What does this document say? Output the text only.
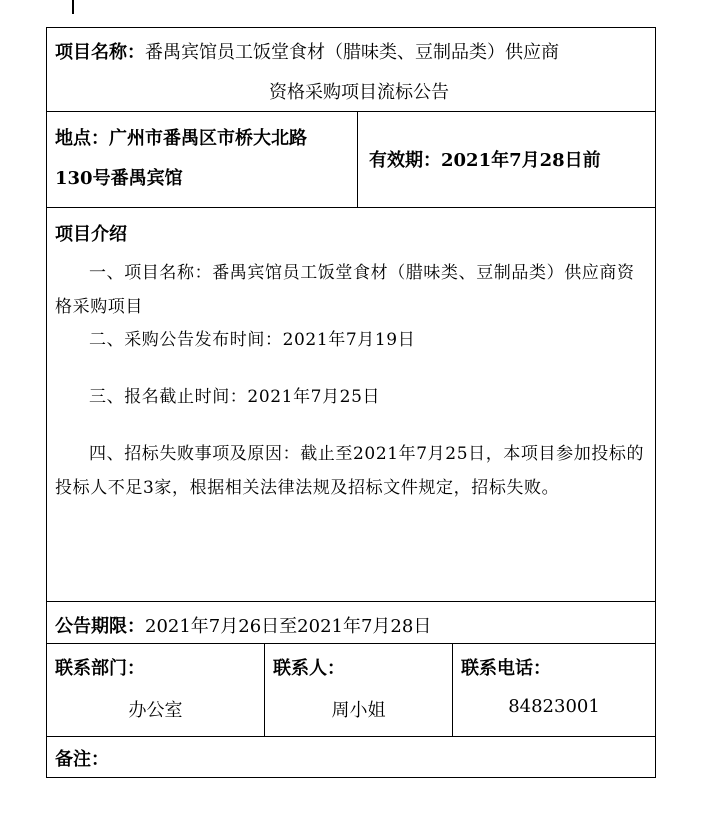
项目名称：番禺宾馆员工饭堂食材（腊味类、豆制品类）供应商
资格采购项目流标公告
地点：广州市番禺区市桥大北路
130号番禺宾馆
有效期：2021年7月28日前
项目介绍
一、项目名称：番禺宾馆员工饭堂食材（腊味类、豆制品类）供应商资格采购项目
二、采购公告发布时间：2021年7月19日
三、报名截止时间：2021年7月25日
四、招标失败事项及原因：截止至2021年7月25日，本项目参加投标的投标人不足3家，根据相关法律法规及招标文件规定，招标失败。
公告期限：2021年7月26日至2021年7月28日
联系部门：
办公室
联系人：
周小姐
联系电话：
84823001
备注：
